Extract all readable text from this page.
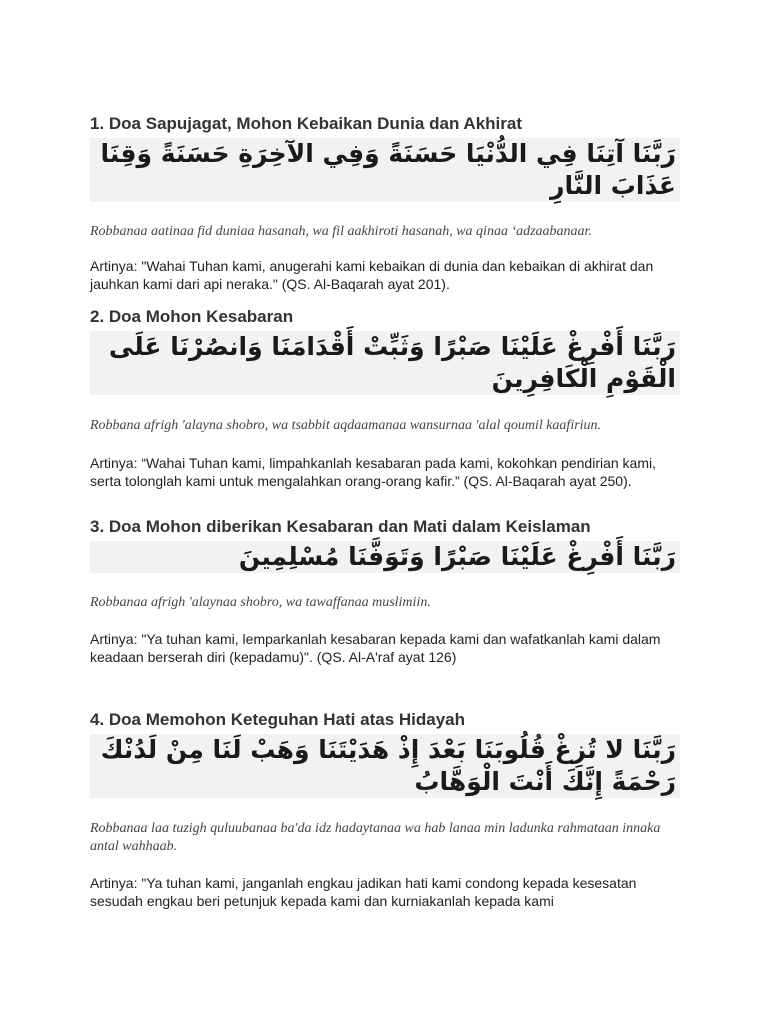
1. Doa Sapujagat, Mohon Kebaikan Dunia dan Akhirat
رَبَّنَا آتِنَا فِي الدُّنْيَا حَسَنَةً وَفِي الآخِرَةِ حَسَنَةً وَقِنَا عَذَابَ النَّارِ

Robbanaa aatinaa fid duniaa hasanah, wa fil aakhiroti hasanah, wa qinaa ‘adzaabanaar.

Artinya: "Wahai Tuhan kami, anugerahi kami kebaikan di dunia dan kebaikan di akhirat dan jauhkan kami dari api neraka." (QS. Al-Baqarah ayat 201).

2. Doa Mohon Kesabaran
رَبَّنَا أَفْرِغْ عَلَيْنَا صَبْرًا وَثَبِّتْ أَقْدَامَنَا وَانصُرْنَا عَلَى الْقَوْمِ الْكَافِرِينَ

Robbana afrigh 'alayna shobro, wa tsabbit aqdaamanaa wansurnaa 'alal qoumil kaafiriun.

Artinya: “Wahai Tuhan kami, limpahkanlah kesabaran pada kami, kokohkan pendirian kami, serta tolonglah kami untuk mengalahkan orang-orang kafir.” (QS. Al-Baqarah ayat 250).

3. Doa Mohon diberikan Kesabaran dan Mati dalam Keislaman
رَبَّنَا أَفْرِغْ عَلَيْنَا صَبْرًا وَتَوَفَّنَا مُسْلِمِينَ

Robbanaa afrigh 'alaynaa shobro, wa tawaffanaa muslimiin.

Artinya: "Ya tuhan kami, lemparkanlah kesabaran kepada kami dan wafatkanlah kami dalam keadaan berserah diri (kepadamu)". (QS. Al-A'raf ayat 126)

4. Doa Memohon Keteguhan Hati atas Hidayah
رَبَّنَا لا تُزِغْ قُلُوبَنَا بَعْدَ إِذْ هَدَيْتَنَا وَهَبْ لَنَا مِنْ لَدُنْكَ رَحْمَةً إِنَّكَ أَنْتَ الْوَهَّابُ

Robbanaa laa tuzigh quluubanaa ba'da idz hadaytanaa wa hab lanaa min ladunka rahmataan innaka antal wahhaab.

Artinya: "Ya tuhan kami, janganlah engkau jadikan hati kami condong kepada kesesatan sesudah engkau beri petunjuk kepada kami dan kurniakanlah kepada kami
